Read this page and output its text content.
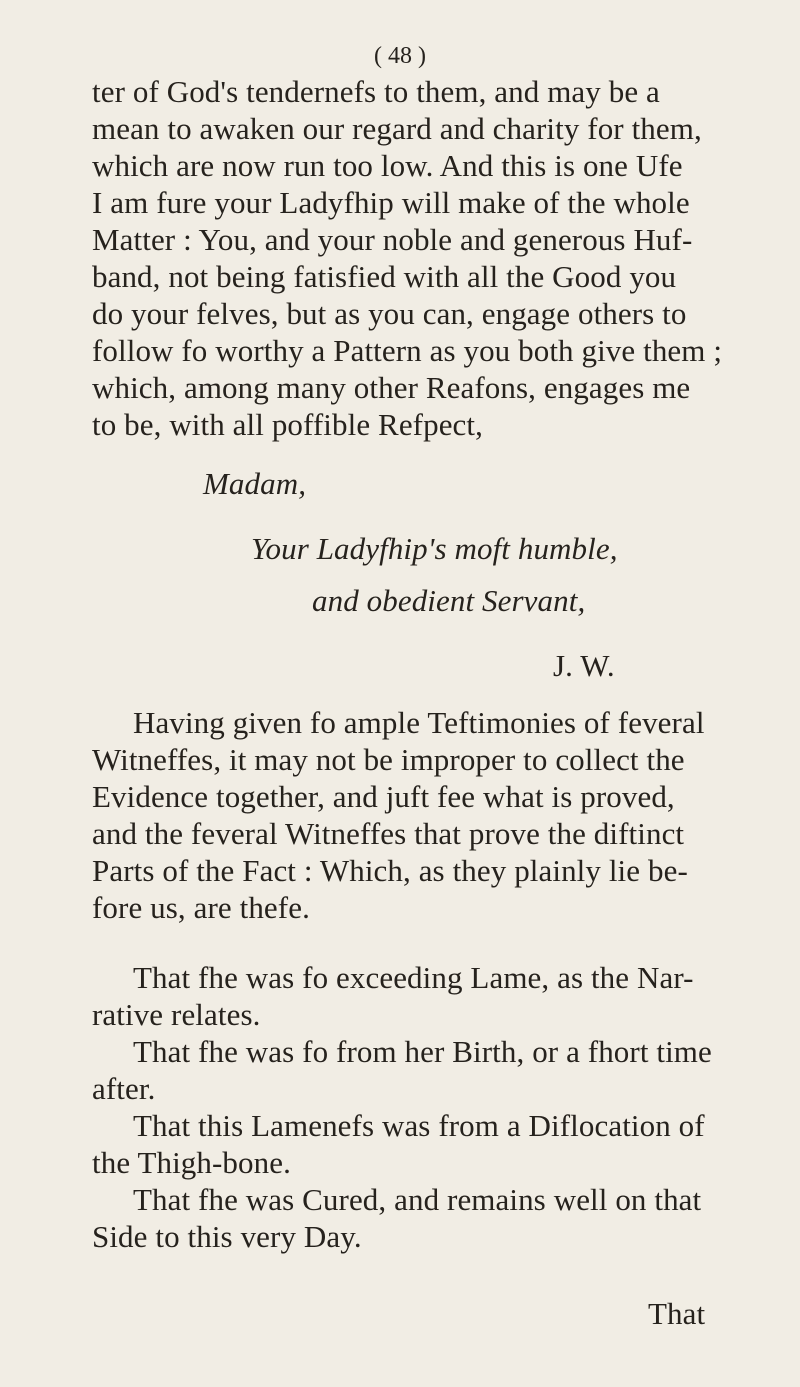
( 48 )
ter of God's tendernefs to them, and may be a
mean to awaken our regard and charity for them,
which are now run too low. And this is one Ufe
I am fure your Ladyfhip will make of the whole
Matter : You, and your noble and generous Huf-
band, not being fatisfied with all the Good you
do your felves, but as you can, engage others to
follow fo worthy a Pattern as you both give them ;
which, among many other Reafons, engages me
to be, with all poffible Refpect,
Madam,
Your Ladyfhip's moft humble,
and obedient Servant,
J. W.
Having given fo ample Teftimonies of feveral
Witneffes, it may not be improper to collect the
Evidence together, and juft fee what is proved,
and the feveral Witneffes that prove the diftinct
Parts of the Fact : Which, as they plainly lie be-
fore us, are thefe.
That fhe was fo exceeding Lame, as the Nar-
rative relates.
That fhe was fo from her Birth, or a fhort time
after.
That this Lamenefs was from a Diflocation of
the Thigh-bone.
That fhe was Cured, and remains well on that
Side to this very Day.
That
